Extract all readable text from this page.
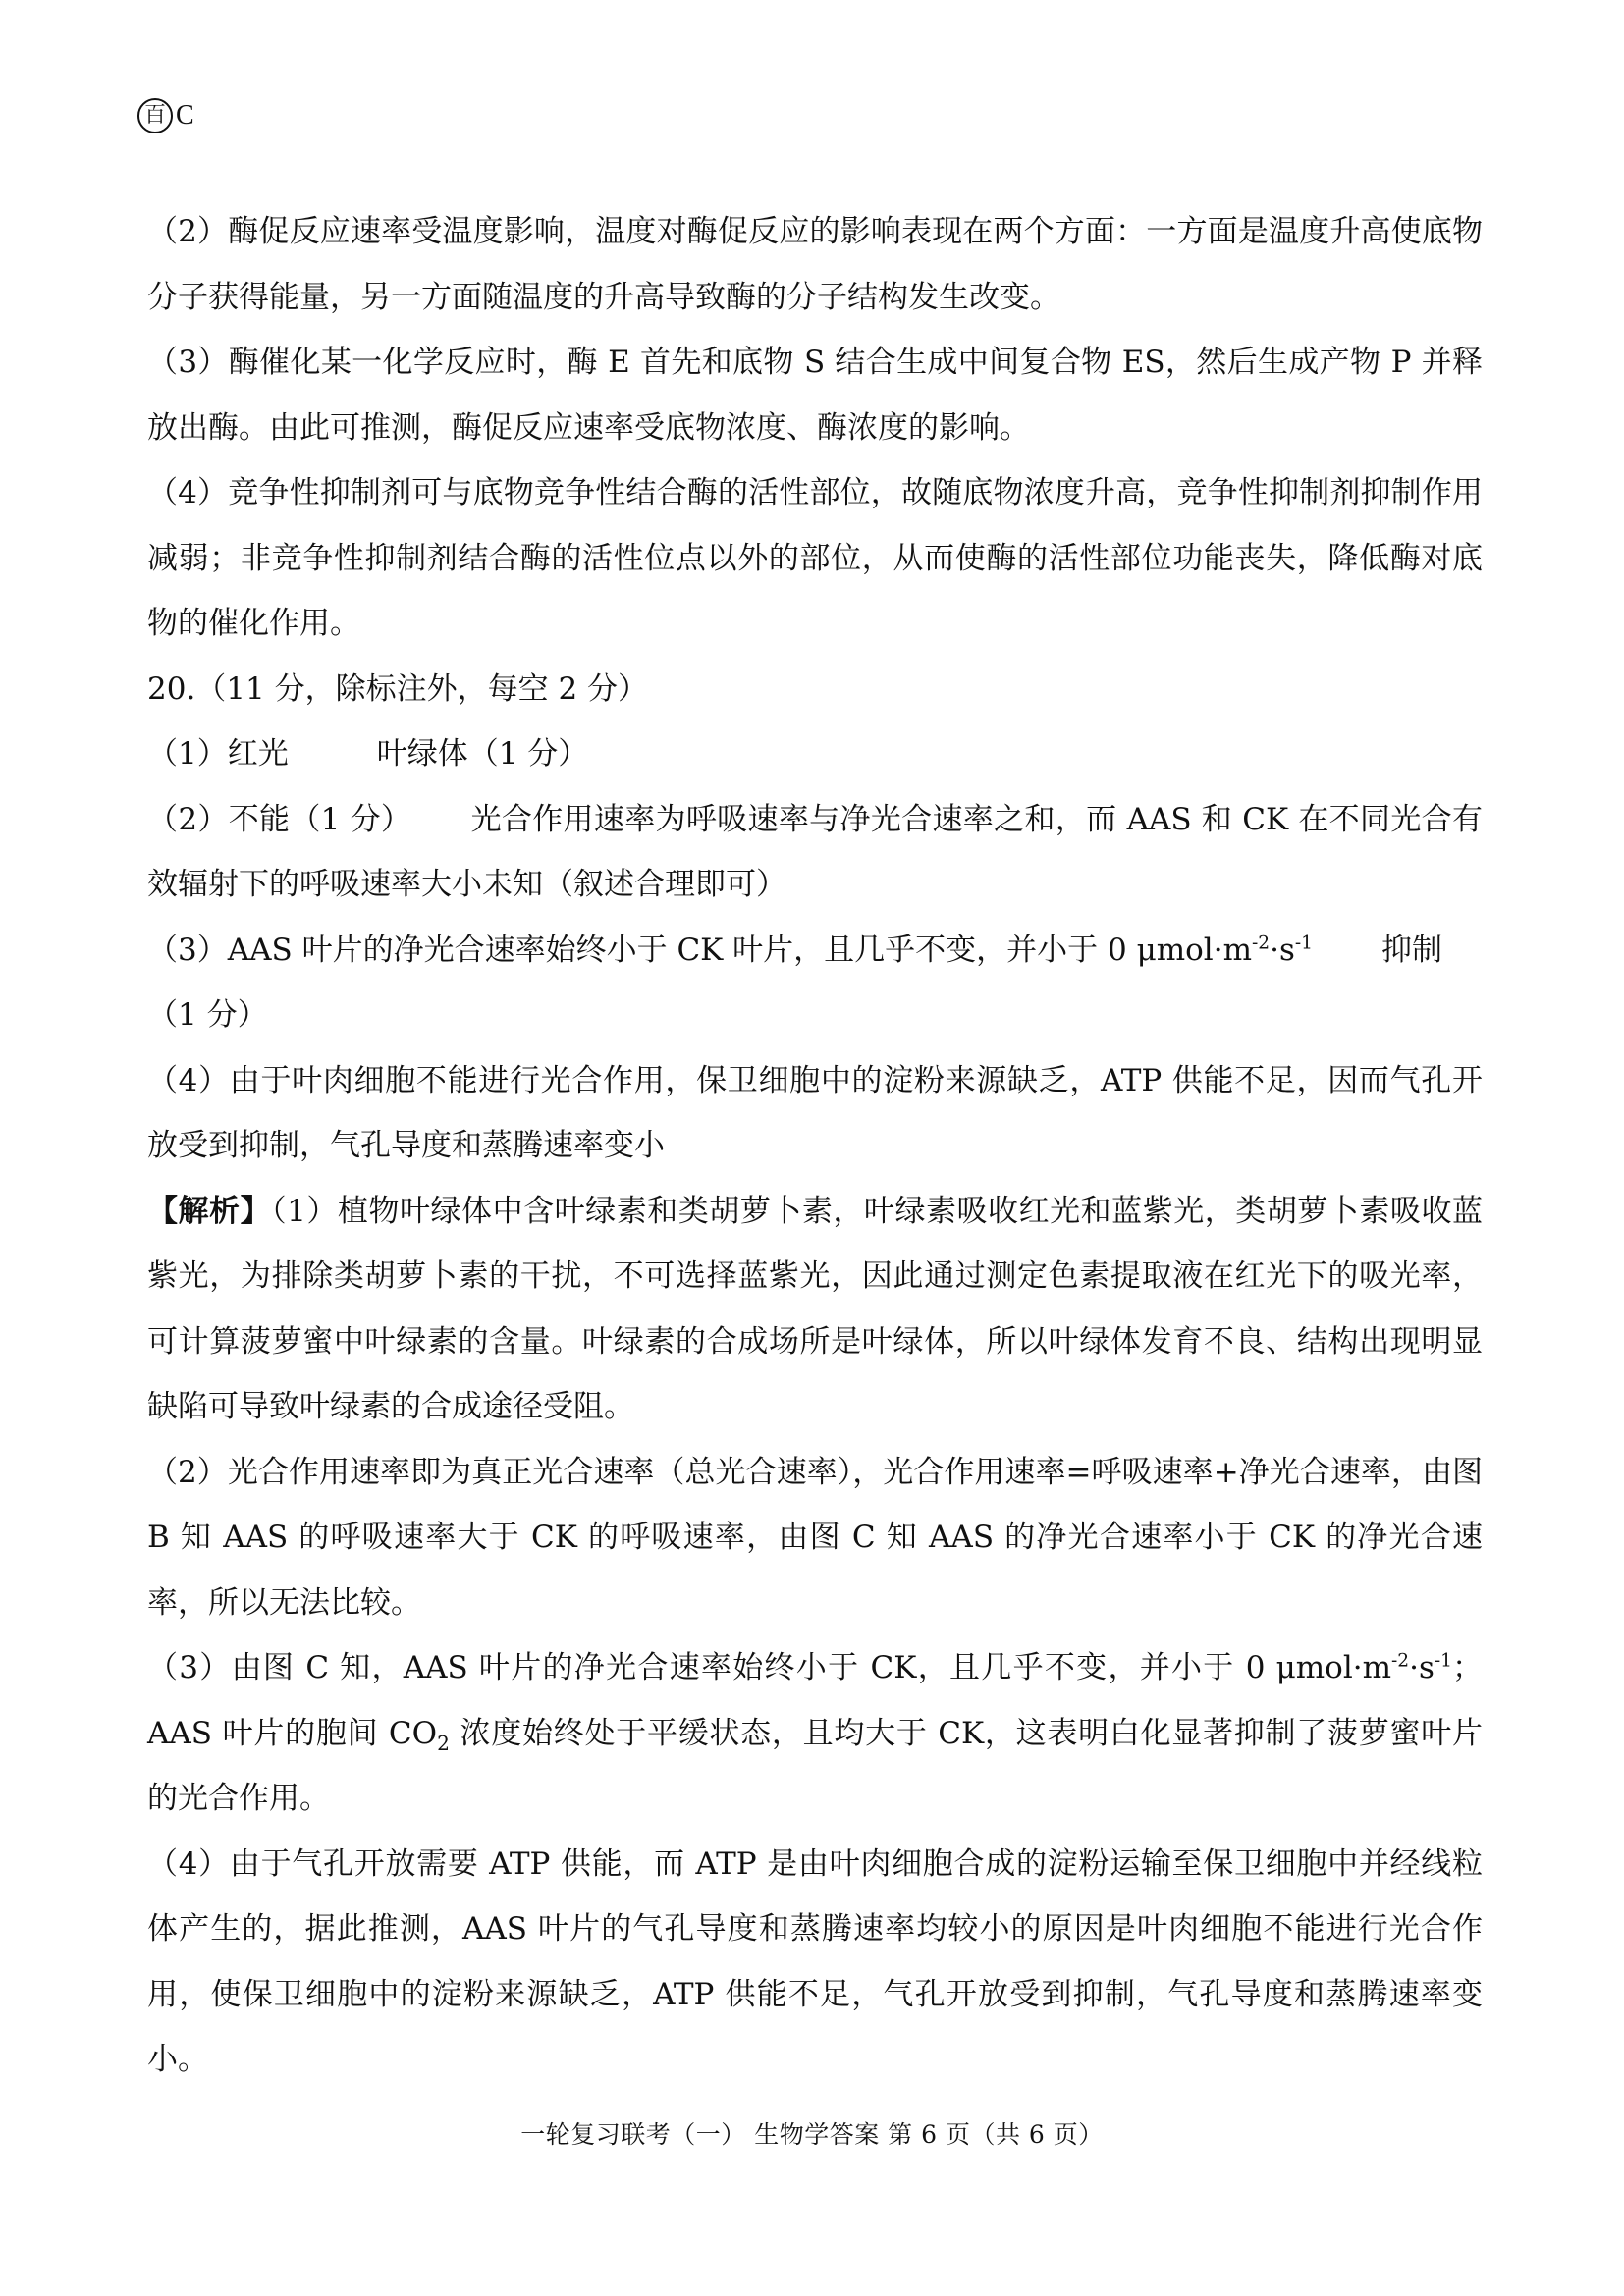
百 C

（2）酶促反应速率受温度影响，温度对酶促反应的影响表现在两个方面：一方面是温度升高使底物分子获得能量，另一方面随温度的升高导致酶的分子结构发生改变。

（3）酶催化某一化学反应时，酶 E 首先和底物 S 结合生成中间复合物 ES，然后生成产物 P 并释放出酶。由此可推测，酶促反应速率受底物浓度、酶浓度的影响。

（4）竞争性抑制剂可与底物竞争性结合酶的活性部位，故随底物浓度升高，竞争性抑制剂抑制作用减弱；非竞争性抑制剂结合酶的活性位点以外的部位，从而使酶的活性部位功能丧失，降低酶对底物的催化作用。

20.（11 分，除标注外，每空 2 分）

（1）红光	叶绿体（1 分）

（2）不能（1 分） 光合作用速率为呼吸速率与净光合速率之和，而 AAS 和 CK 在不同光合有效辐射下的呼吸速率大小未知（叙述合理即可）

（3）AAS 叶片的净光合速率始终小于 CK 叶片，且几乎不变，并小于 0 $\mu mol\cdot m^{-2}\cdot s^{-1}$ 抑制
（1 分）

（4）由于叶肉细胞不能进行光合作用，保卫细胞中的淀粉来源缺乏，ATP 供能不足，因而气孔开放受到抑制，气孔导度和蒸腾速率变小

【解析】（1）植物叶绿体中含叶绿素和类胡萝卜素，叶绿素吸收红光和蓝紫光，类胡萝卜素吸收蓝紫光，为排除类胡萝卜素的干扰，不可选择蓝紫光，因此通过测定色素提取液在红光下的吸光率，可计算菠萝蜜中叶绿素的含量。叶绿素的合成场所是叶绿体，所以叶绿体发育不良、结构出现明显缺陷可导致叶绿素的合成途径受阻。

（2）光合作用速率即为真正光合速率（总光合速率），光合作用速率=呼吸速率+净光合速率，由图 B 知 AAS 的呼吸速率大于 CK 的呼吸速率，由图 C 知 AAS 的净光合速率小于 CK 的净光合速率，所以无法比较。

（3）由图 C 知，AAS 叶片的净光合速率始终小于 CK，且几乎不变，并小于 0 $\mu mol\cdot m^{-2}\cdot s^{-1}$；AAS 叶片的胞间 $CO_2$ 浓度始终处于平缓状态，且均大于 CK，这表明白化显著抑制了菠萝蜜叶片的光合作用。

（4）由于气孔开放需要 ATP 供能，而 ATP 是由叶肉细胞合成的淀粉运输至保卫细胞中并经线粒体产生的，据此推测，AAS 叶片的气孔导度和蒸腾速率均较小的原因是叶肉细胞不能进行光合作用，使保卫细胞中的淀粉来源缺乏，ATP 供能不足，气孔开放受到抑制，气孔导度和蒸腾速率变小。

一轮复习联考（一） 生物学答案 第 6 页（共 6 页）
